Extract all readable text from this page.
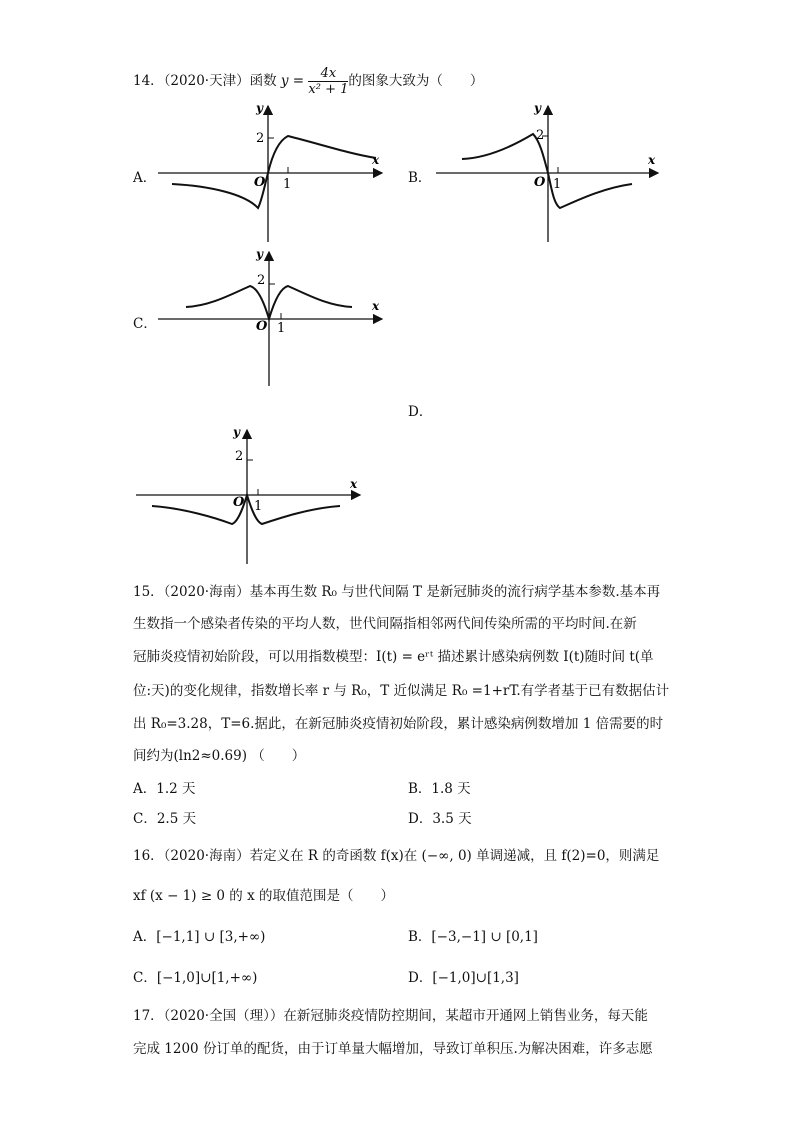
14．（2020·天津）函数 $y = \frac{4x}{\text{x² + 1}}$ 的图象大致为（　　）
A．	B．
C．
D．
O 1
2
y
x
O 1
2
y
x
O 1
2
y
x
O 1
2
y
x
15．（2020·海南）基本再生数 R₀ 与世代间隔 T 是新冠肺炎的流行病学基本参数.基本再
生数指一个感染者传染的平均人数，世代间隔指相邻两代间传染所需的平均时间.在新
冠肺炎疫情初始阶段，可以用指数模型：I(t) = eʳᵗ 描述累计感染病例数 I(t)随时间 t(单
位:天)的变化规律，指数增长率 r 与 R₀，T 近似满足 R₀ =1+rT.有学者基于已有数据估计
出 R₀=3.28，T=6.据此，在新冠肺炎疫情初始阶段，累计感染病例数增加 1 倍需要的时
间约为(ln2≈0.69) （　　）
A．1.2 天	B．1.8 天
C．2.5 天	D．3.5 天
16．（2020·海南）若定义在 R 的奇函数 f(x)在 (−∞, 0) 单调递减，且 f(2)=0，则满足
xf (x − 1) ≥ 0 的 x 的取值范围是（　　）
A．[−1,1] ∪ [3,+∞)	B．[−3,−1] ∪ [0,1]
C．[−1,0]∪[1,+∞)	D．[−1,0]∪[1,3]
17．（2020·全国（理））在新冠肺炎疫情防控期间，某超市开通网上销售业务，每天能
完成 1200 份订单的配货，由于订单量大幅增加，导致订单积压.为解决困难，许多志愿
